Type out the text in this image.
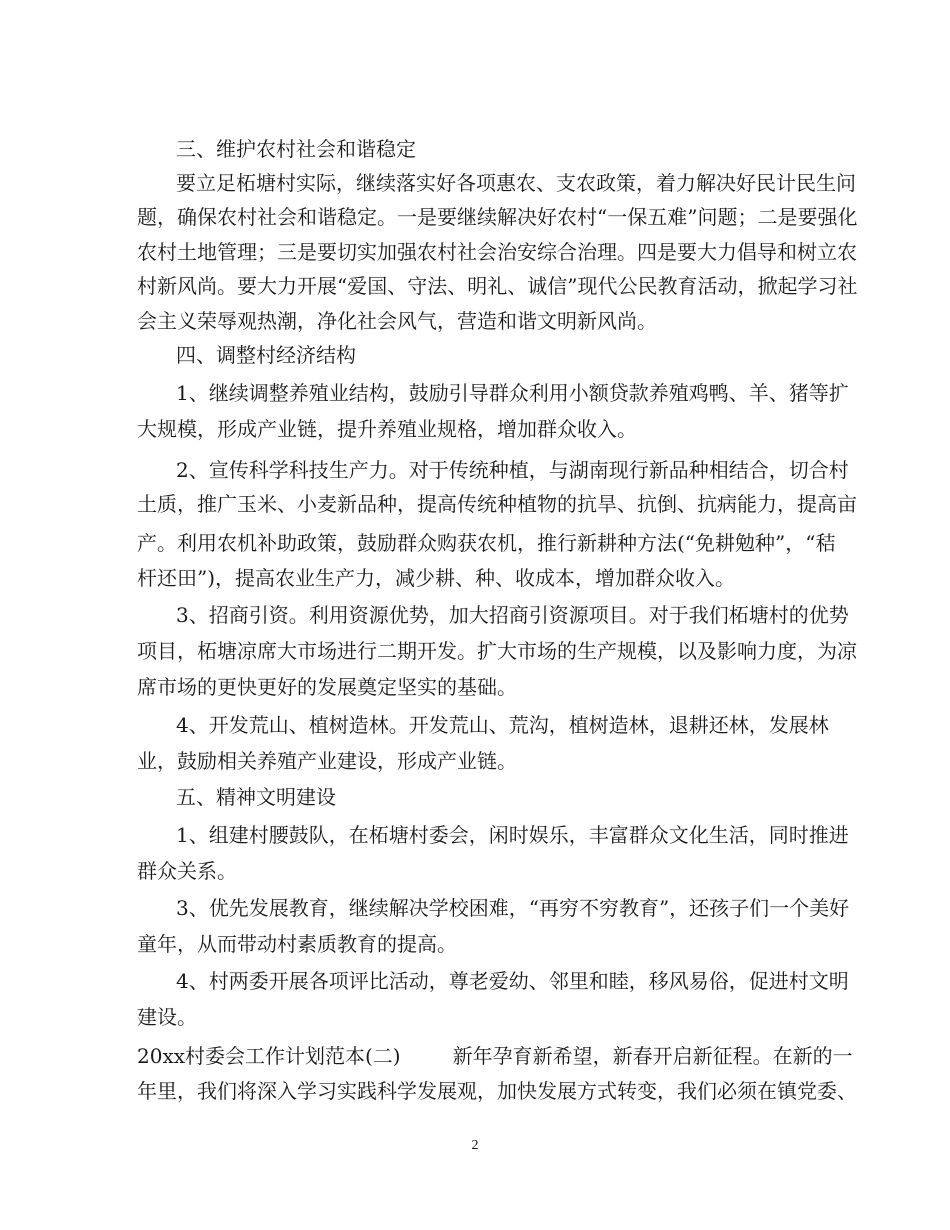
三、维护农村社会和谐稳定
要立足柘塘村实际，继续落实好各项惠农、支农政策，着力解决好民计民生问
题，确保农村社会和谐稳定。一是要继续解决好农村“一保五难”问题；二是要强化
农村土地管理；三是要切实加强农村社会治安综合治理。四是要大力倡导和树立农
村新风尚。要大力开展“爱国、守法、明礼、诚信”现代公民教育活动，掀起学习社
会主义荣辱观热潮，净化社会风气，营造和谐文明新风尚。
四、调整村经济结构
1、继续调整养殖业结构，鼓励引导群众利用小额贷款养殖鸡鸭、羊、猪等扩
大规模，形成产业链，提升养殖业规格，增加群众收入。
2、宣传科学科技生产力。对于传统种植，与湖南现行新品种相结合，切合村
土质，推广玉米、小麦新品种，提高传统种植物的抗旱、抗倒、抗病能力，提高亩
产。利用农机补助政策，鼓励群众购获农机，推行新耕种方法(“免耕勉种”，“秸
杆还田”)，提高农业生产力，减少耕、种、收成本，增加群众收入。
3、招商引资。利用资源优势，加大招商引资源项目。对于我们柘塘村的优势
项目，柘塘凉席大市场进行二期开发。扩大市场的生产规模，以及影响力度，为凉
席市场的更快更好的发展奠定坚实的基础。
4、开发荒山、植树造林。开发荒山、荒沟，植树造林，退耕还林，发展林
业，鼓励相关养殖产业建设，形成产业链。
五、精神文明建设
1、组建村腰鼓队，在柘塘村委会，闲时娱乐，丰富群众文化生活，同时推进
群众关系。
3、优先发展教育，继续解决学校困难，“再穷不穷教育”，还孩子们一个美好
童年，从而带动村素质教育的提高。
4、村两委开展各项评比活动，尊老爱幼、邻里和睦，移风易俗，促进村文明
建设。
20xx村委会工作计划范本(二)	新年孕育新希望，新春开启新征程。在新的一
年里，我们将深入学习实践科学发展观，加快发展方式转变，我们必须在镇党委、
2
